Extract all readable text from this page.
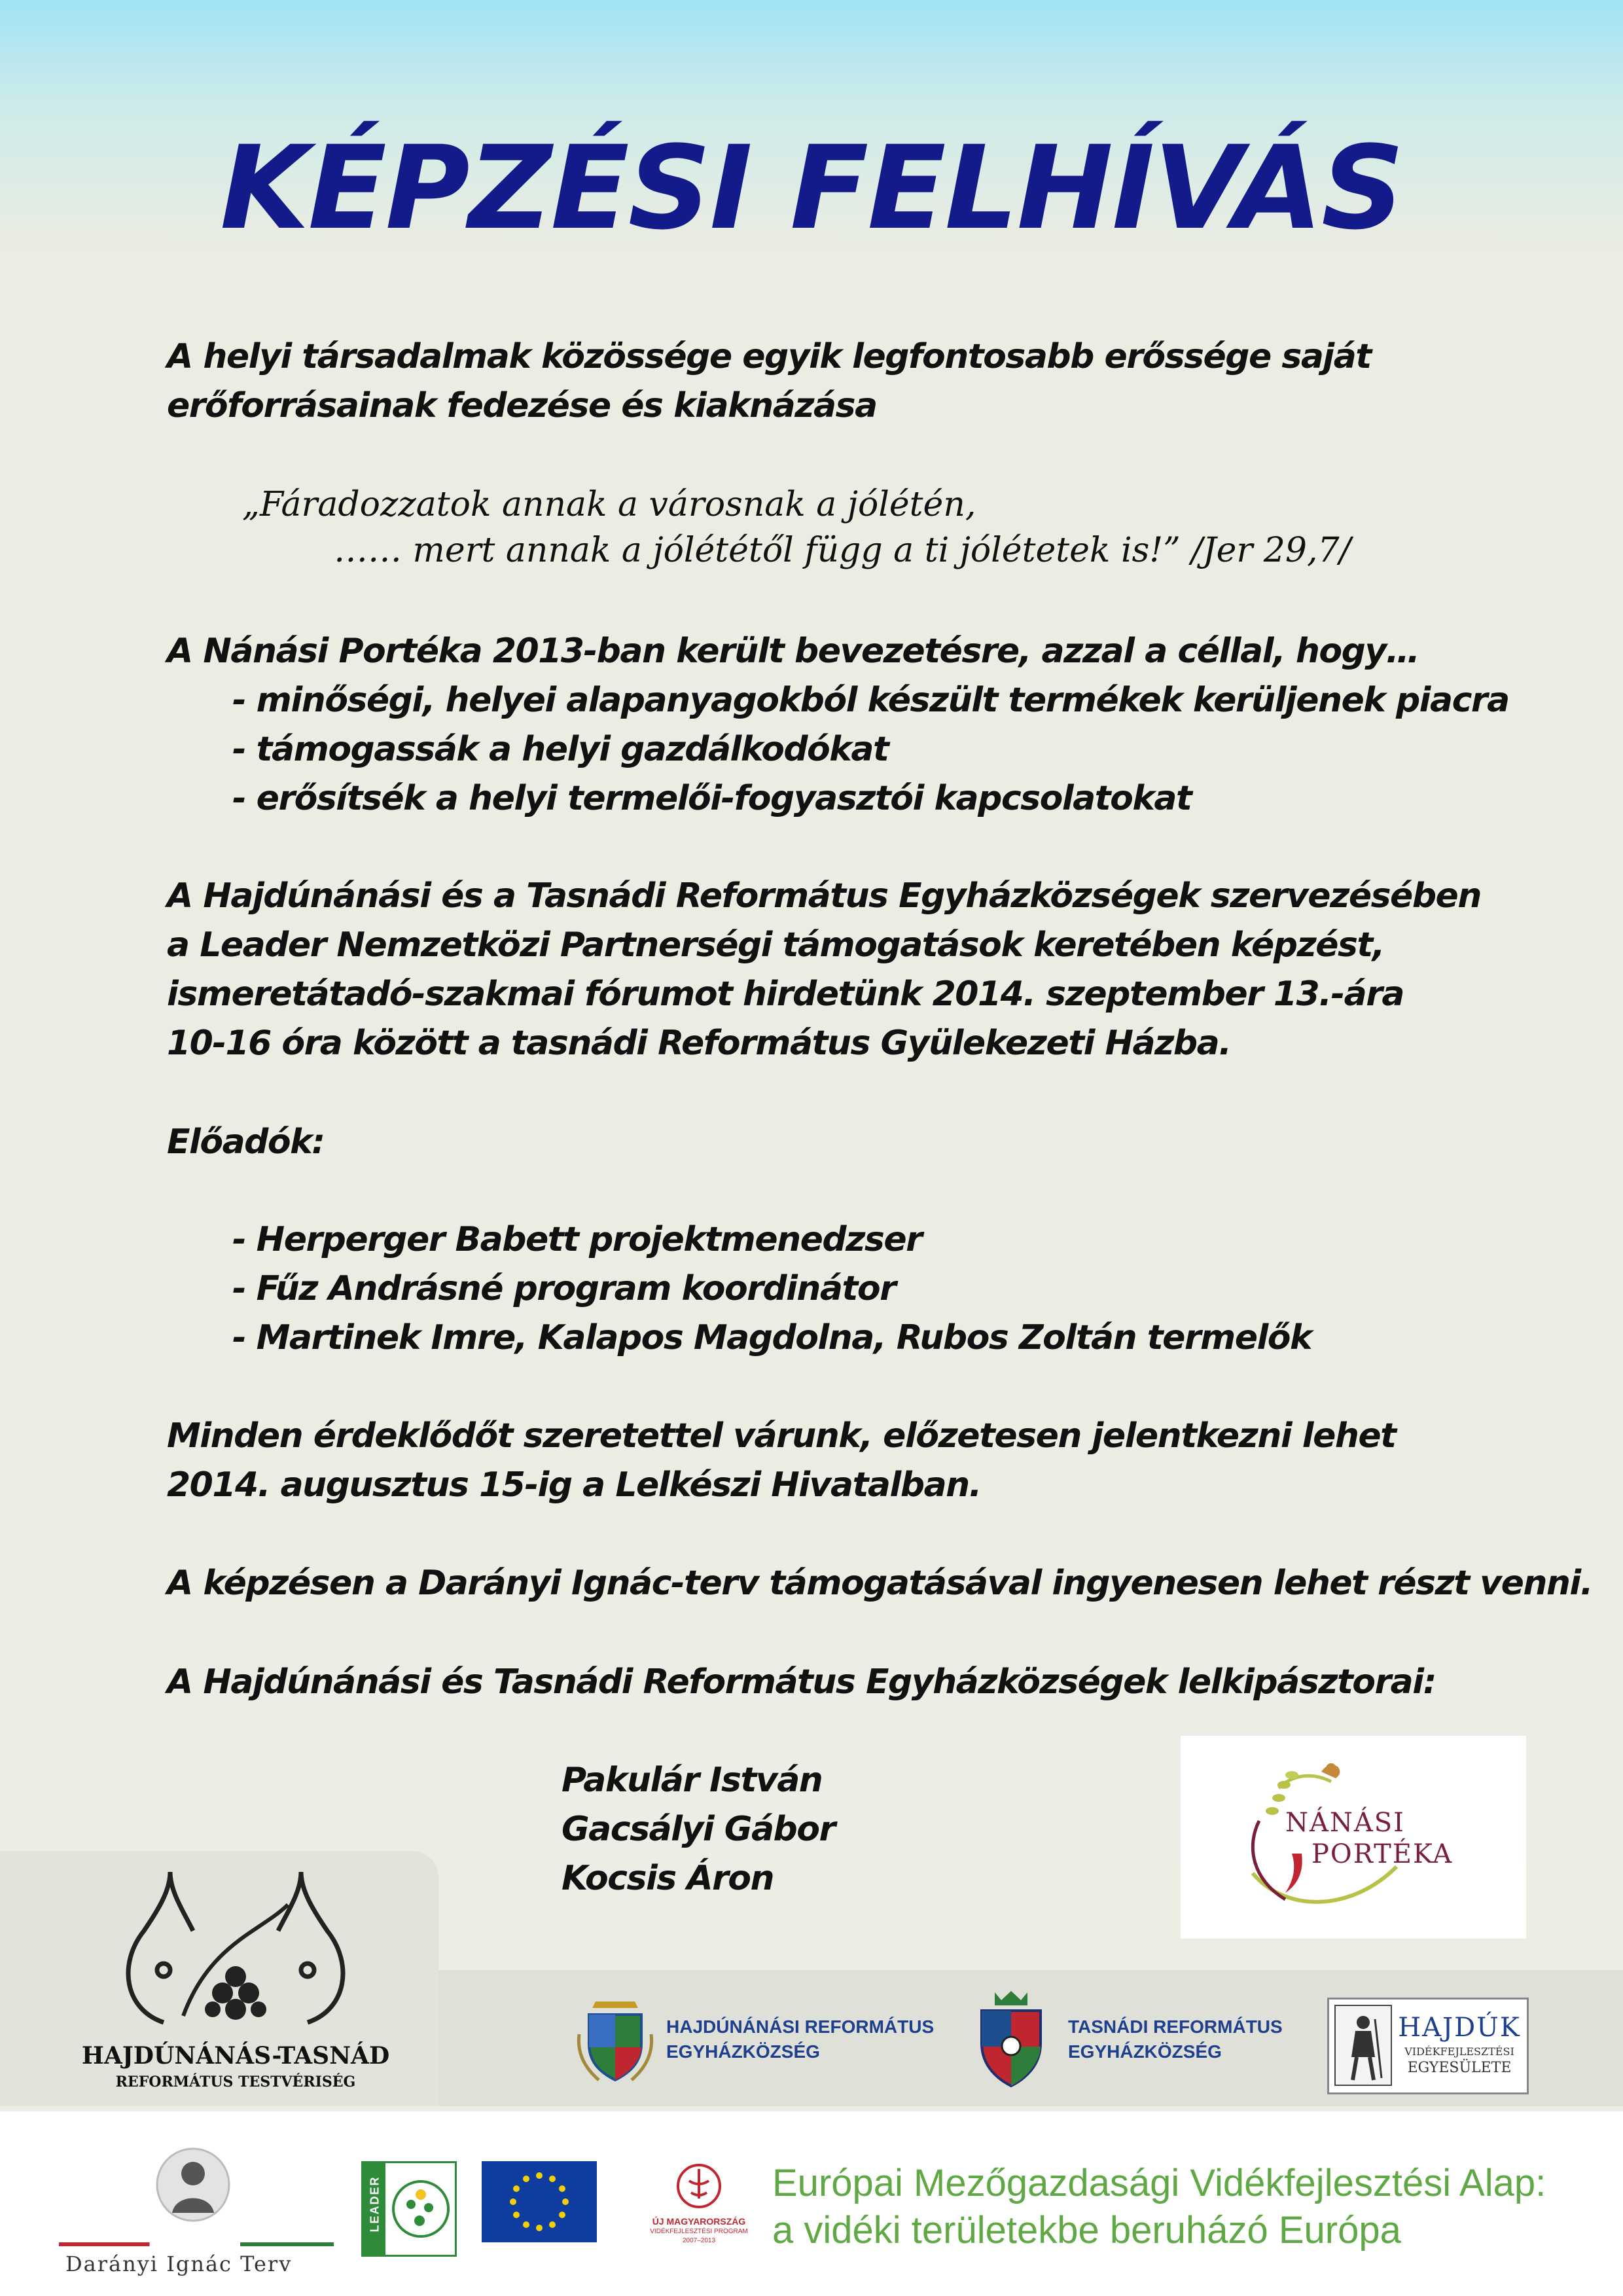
KÉPZÉSI FELHÍVÁS
A helyi társadalmak közössége egyik legfontosabb erőssége saját
erőforrásainak fedezése és kiaknázása
„Fáradozzatok annak a városnak a jólétén,
…… mert annak a jólététől függ a ti jólétetek is!” /Jer 29,7/
A Nánási Portéka 2013-ban került bevezetésre, azzal a céllal, hogy…
- minőségi, helyei alapanyagokból készült termékek kerüljenek piacra
- támogassák a helyi gazdálkodókat
- erősítsék a helyi termelői-fogyasztói kapcsolatokat
A Hajdúnánási és a Tasnádi Református Egyházközségek szervezésében
a Leader Nemzetközi Partnerségi támogatások keretében képzést,
ismeretátadó-szakmai fórumot hirdetünk 2014. szeptember 13.-ára
10-16 óra között a tasnádi Református Gyülekezeti Házba.
Előadók:
- Herperger Babett projektmenedzser
- Fűz Andrásné program koordinátor
- Martinek Imre, Kalapos Magdolna, Rubos Zoltán termelők
Minden érdeklődőt szeretettel várunk, előzetesen jelentkezni lehet
2014. augusztus 15-ig a Lelkészi Hivatalban.
A képzésen a Darányi Ignác-terv támogatásával ingyenesen lehet részt venni.
A Hajdúnánási és Tasnádi Református Egyházközségek lelkipásztorai:
Pakulár István
Gacsályi Gábor
Kocsis Áron
NÁNÁSI
PORTÉKA
HAJDÚNÁNÁS-TASNÁD
REFORMÁTUS TESTVÉRISÉG
HAJDÚNÁNÁSI REFORMÁTUS
EGYHÁZKÖZSÉG
TASNÁDI REFORMÁTUS
EGYHÁZKÖZSÉG
HAJDÚK
VIDÉKFEJLESZTÉSI
EGYESÜLETE
Darányi Ignác Terv
LEADER	ÚJ MAGYARORSZÁG
VIDÉKFEJLESZTÉSI PROGRAM
2007–2013
Európai Mezőgazdasági Vidékfejlesztési Alap:
a vidéki területekbe beruházó Európa
